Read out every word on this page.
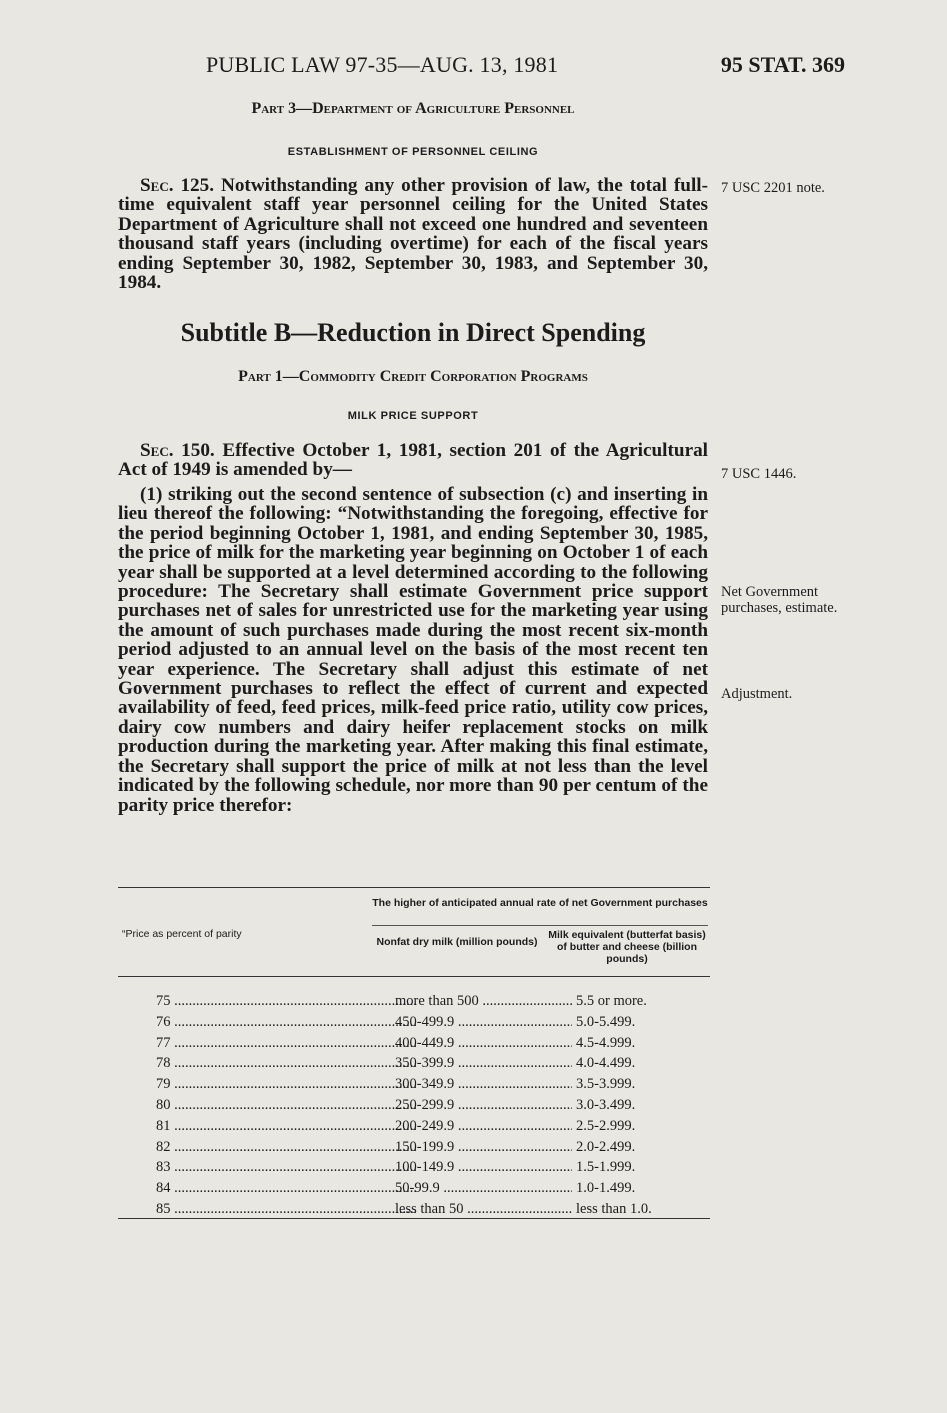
PUBLIC LAW 97-35—AUG. 13, 1981	95 STAT. 369
Part 3—Department of Agriculture Personnel
ESTABLISHMENT OF PERSONNEL CEILING
Sec. 125. Notwithstanding any other provision of law, the total full-time equivalent staff year personnel ceiling for the United States Department of Agriculture shall not exceed one hundred and seventeen thousand staff years (including overtime) for each of the fiscal years ending September 30, 1982, September 30, 1983, and September 30, 1984.
7 USC 2201 note.
Subtitle B—Reduction in Direct Spending
Part 1—Commodity Credit Corporation Programs
MILK PRICE SUPPORT
Sec. 150. Effective October 1, 1981, section 201 of the Agricultural Act of 1949 is amended by—	7 USC 1446.
(1) striking out the second sentence of subsection (c) and inserting in lieu thereof the following: “Notwithstanding the foregoing, effective for the period beginning October 1, 1981, and ending September 30, 1985, the price of milk for the marketing year beginning on October 1 of each year shall be supported at a level determined according to the following procedure: The Secretary shall estimate Government price support purchases net of sales for unrestricted use for the marketing year using the amount of such purchases made during the most recent six-month period adjusted to an annual level on the basis of the most recent ten year experience. The Secretary shall adjust this estimate of net Government purchases to reflect the effect of current and expected availability of feed, feed prices, milk-feed price ratio, utility cow prices, dairy cow numbers and dairy heifer replacement stocks on milk production during the marketing year. After making this final estimate, the Secretary shall support the price of milk at not less than the level indicated by the following schedule, nor more than 90 per centum of the parity price therefor:
Net Government purchases, estimate.
Adjustment.
The higher of anticipated annual rate of net Government purchases
“Price as percent of parity
Nonfat dry milk (million pounds)
Milk equivalent (butterfat basis) of butter and cheese (billion pounds)
75 .....	more than 500 .....	5.5 or more.
76 .....	450-499.9 .....	5.0-5.499.
77 .....	400-449.9 .....	4.5-4.999.
78 .....	350-399.9 .....	4.0-4.499.
79 .....	300-349.9 .....	3.5-3.999.
80 .....	250-299.9 .....	3.0-3.499.
81 .....	200-249.9 .....	2.5-2.999.
82 .....	150-199.9 .....	2.0-2.499.
83 .....	100-149.9 .....	1.5-1.999.
84 .....	50-99.9 .....	1.0-1.499.
85 .....	less than 50 .....	less than 1.0.
